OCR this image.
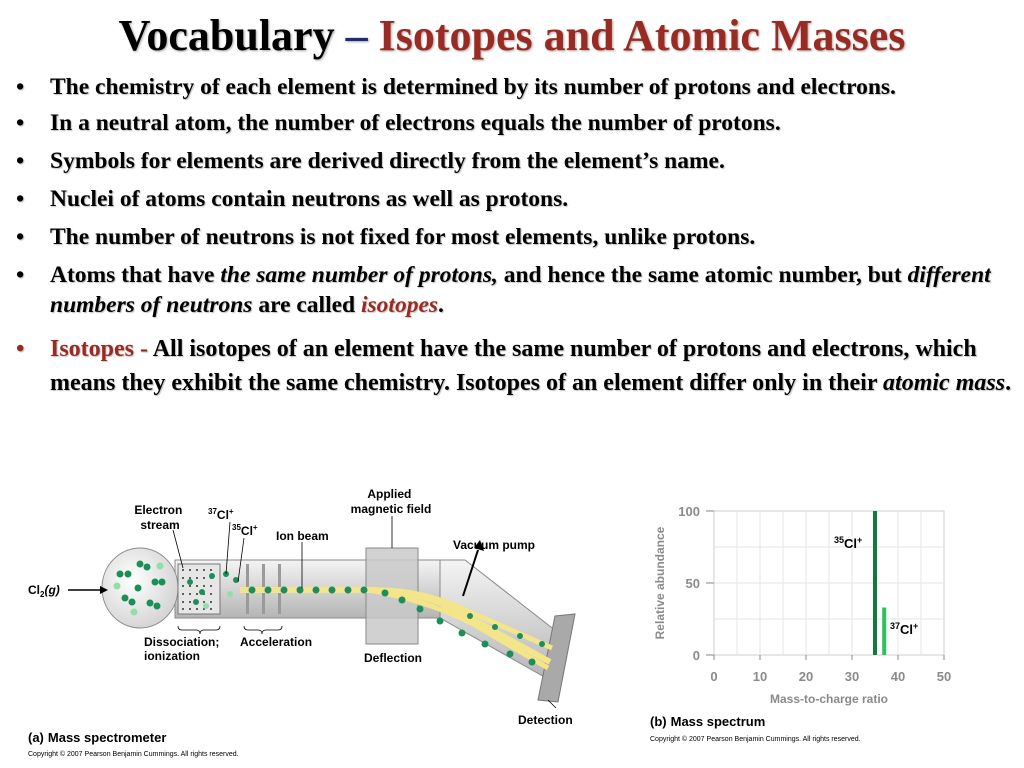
Vocabulary – Isotopes and Atomic Masses
• The chemistry of each element is determined by its number of protons and electrons.
• In a neutral atom, the number of electrons equals the number of protons.
• Symbols for elements are derived directly from the element’s name.
• Nuclei of atoms contain neutrons as well as protons.
• The number of neutrons is not fixed for most elements, unlike protons.
• Atoms that have the same number of protons, and hence the same atomic number, but different numbers of neutrons are called isotopes.
• Isotopes - All isotopes of an element have the same number of protons and electrons, which means they exhibit the same chemistry. Isotopes of an element differ only in their atomic mass.
Electron stream
$^{37}$Cl+
$^{35}$Cl+
Ion beam
Applied magnetic field
Vacuum pump
$Cl_2(g)$
Dissociation; ionization
Acceleration
Deflection
Detection
(a) Mass spectrometer
Copyright © 2007 Pearson Benjamin Cummings. All rights reserved.
0	10 20 30 40 50
0
50
100
$^{35}$Cl+
$^{37}$Cl+
Mass-to-charge ratio
Relative abundance
(b) Mass spectrum
Copyright © 2007 Pearson Benjamin Cummings. All rights reserved.
